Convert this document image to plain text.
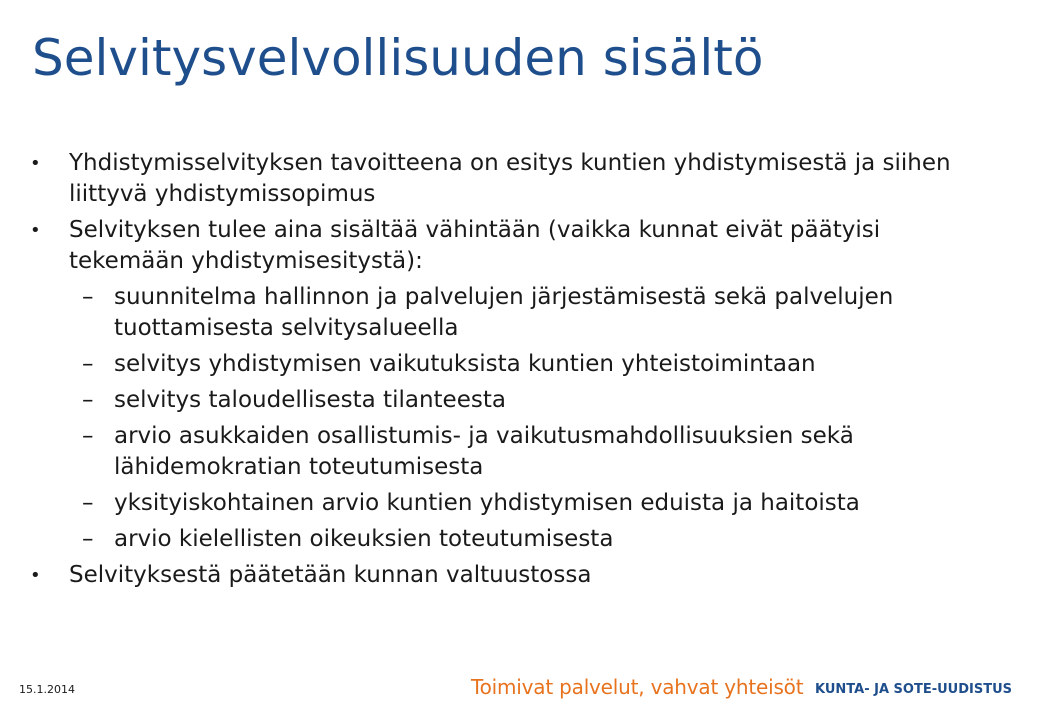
Selvitysvelvollisuuden sisältö
• Yhdistymisselvityksen tavoitteena on esitys kuntien yhdistymisestä ja siihen liittyvä yhdistymissopimus
• Selvityksen tulee aina sisältää vähintään (vaikka kunnat eivät päätyisi tekemään yhdistymisesitystä):
– suunnitelma hallinnon ja palvelujen järjestämisestä sekä palvelujen tuottamisesta selvitysalueella
– selvitys yhdistymisen vaikutuksista kuntien yhteistoimintaan
– selvitys taloudellisesta tilanteesta
– arvio asukkaiden osallistumis- ja vaikutusmahdollisuuksien sekä lähidemokratian toteutumisesta
– yksityiskohtainen arvio kuntien yhdistymisen eduista ja haitoista
– arvio kielellisten oikeuksien toteutumisesta
• Selvityksestä päätetään kunnan valtuustossa
15.1.2014	Toimivat palvelut, vahvat yhteisöt KUNTA- JA SOTE-UUDISTUS
